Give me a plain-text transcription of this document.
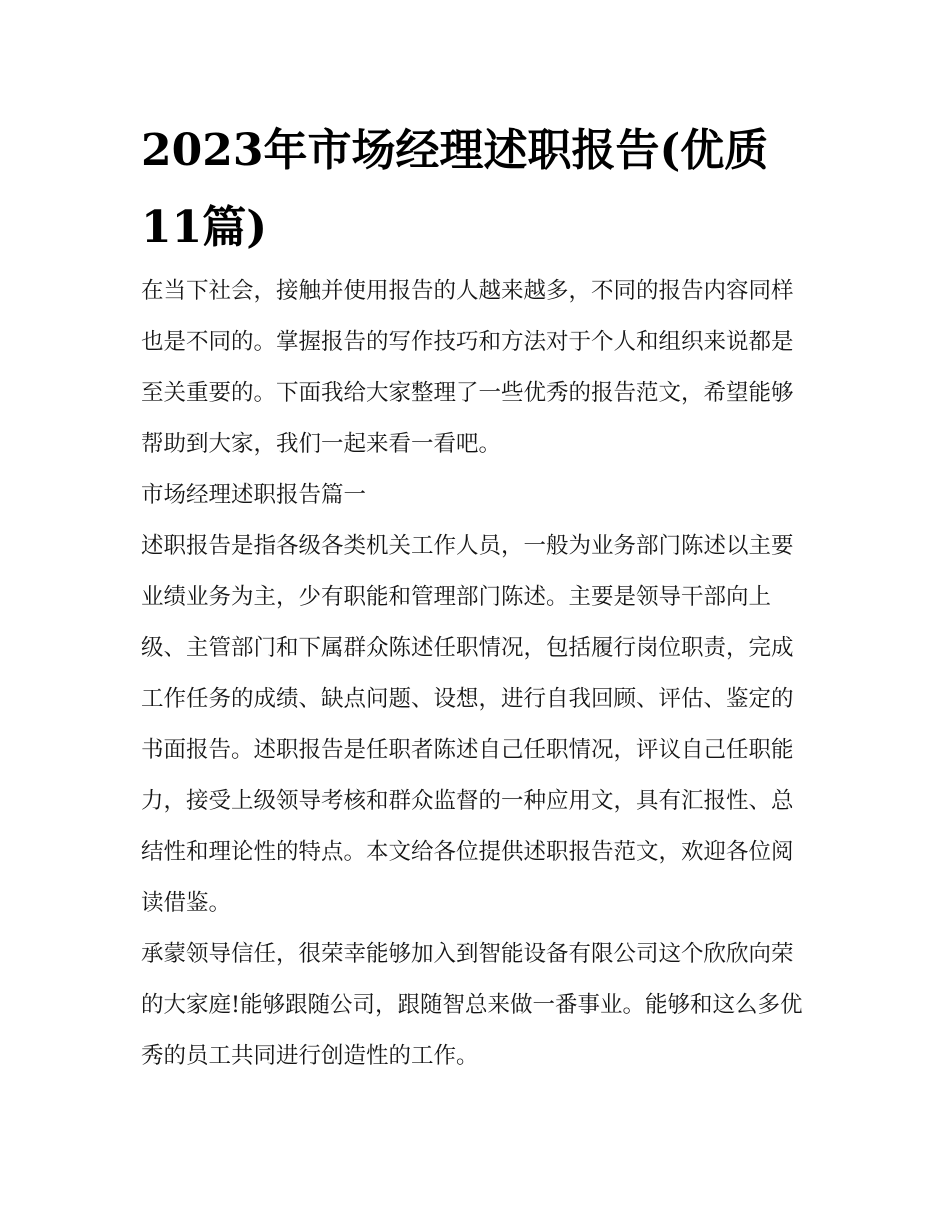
2023年市场经理述职报告(优质11篇)

在当下社会，接触并使用报告的人越来越多，不同的报告内容同样也是不同的。掌握报告的写作技巧和方法对于个人和组织来说都是至关重要的。下面我给大家整理了一些优秀的报告范文，希望能够帮助到大家，我们一起来看一看吧。

市场经理述职报告篇一

述职报告是指各级各类机关工作人员，一般为业务部门陈述以主要业绩业务为主，少有职能和管理部门陈述。主要是领导干部向上级、主管部门和下属群众陈述任职情况，包括履行岗位职责，完成工作任务的成绩、缺点问题、设想，进行自我回顾、评估、鉴定的书面报告。述职报告是任职者陈述自己任职情况，评议自己任职能力，接受上级领导考核和群众监督的一种应用文，具有汇报性、总结性和理论性的特点。本文给各位提供述职报告范文，欢迎各位阅读借鉴。

承蒙领导信任，很荣幸能够加入到智能设备有限公司这个欣欣向荣的大家庭!能够跟随公司，跟随智总来做一番事业。能够和这么多优秀的员工共同进行创造性的工作。
